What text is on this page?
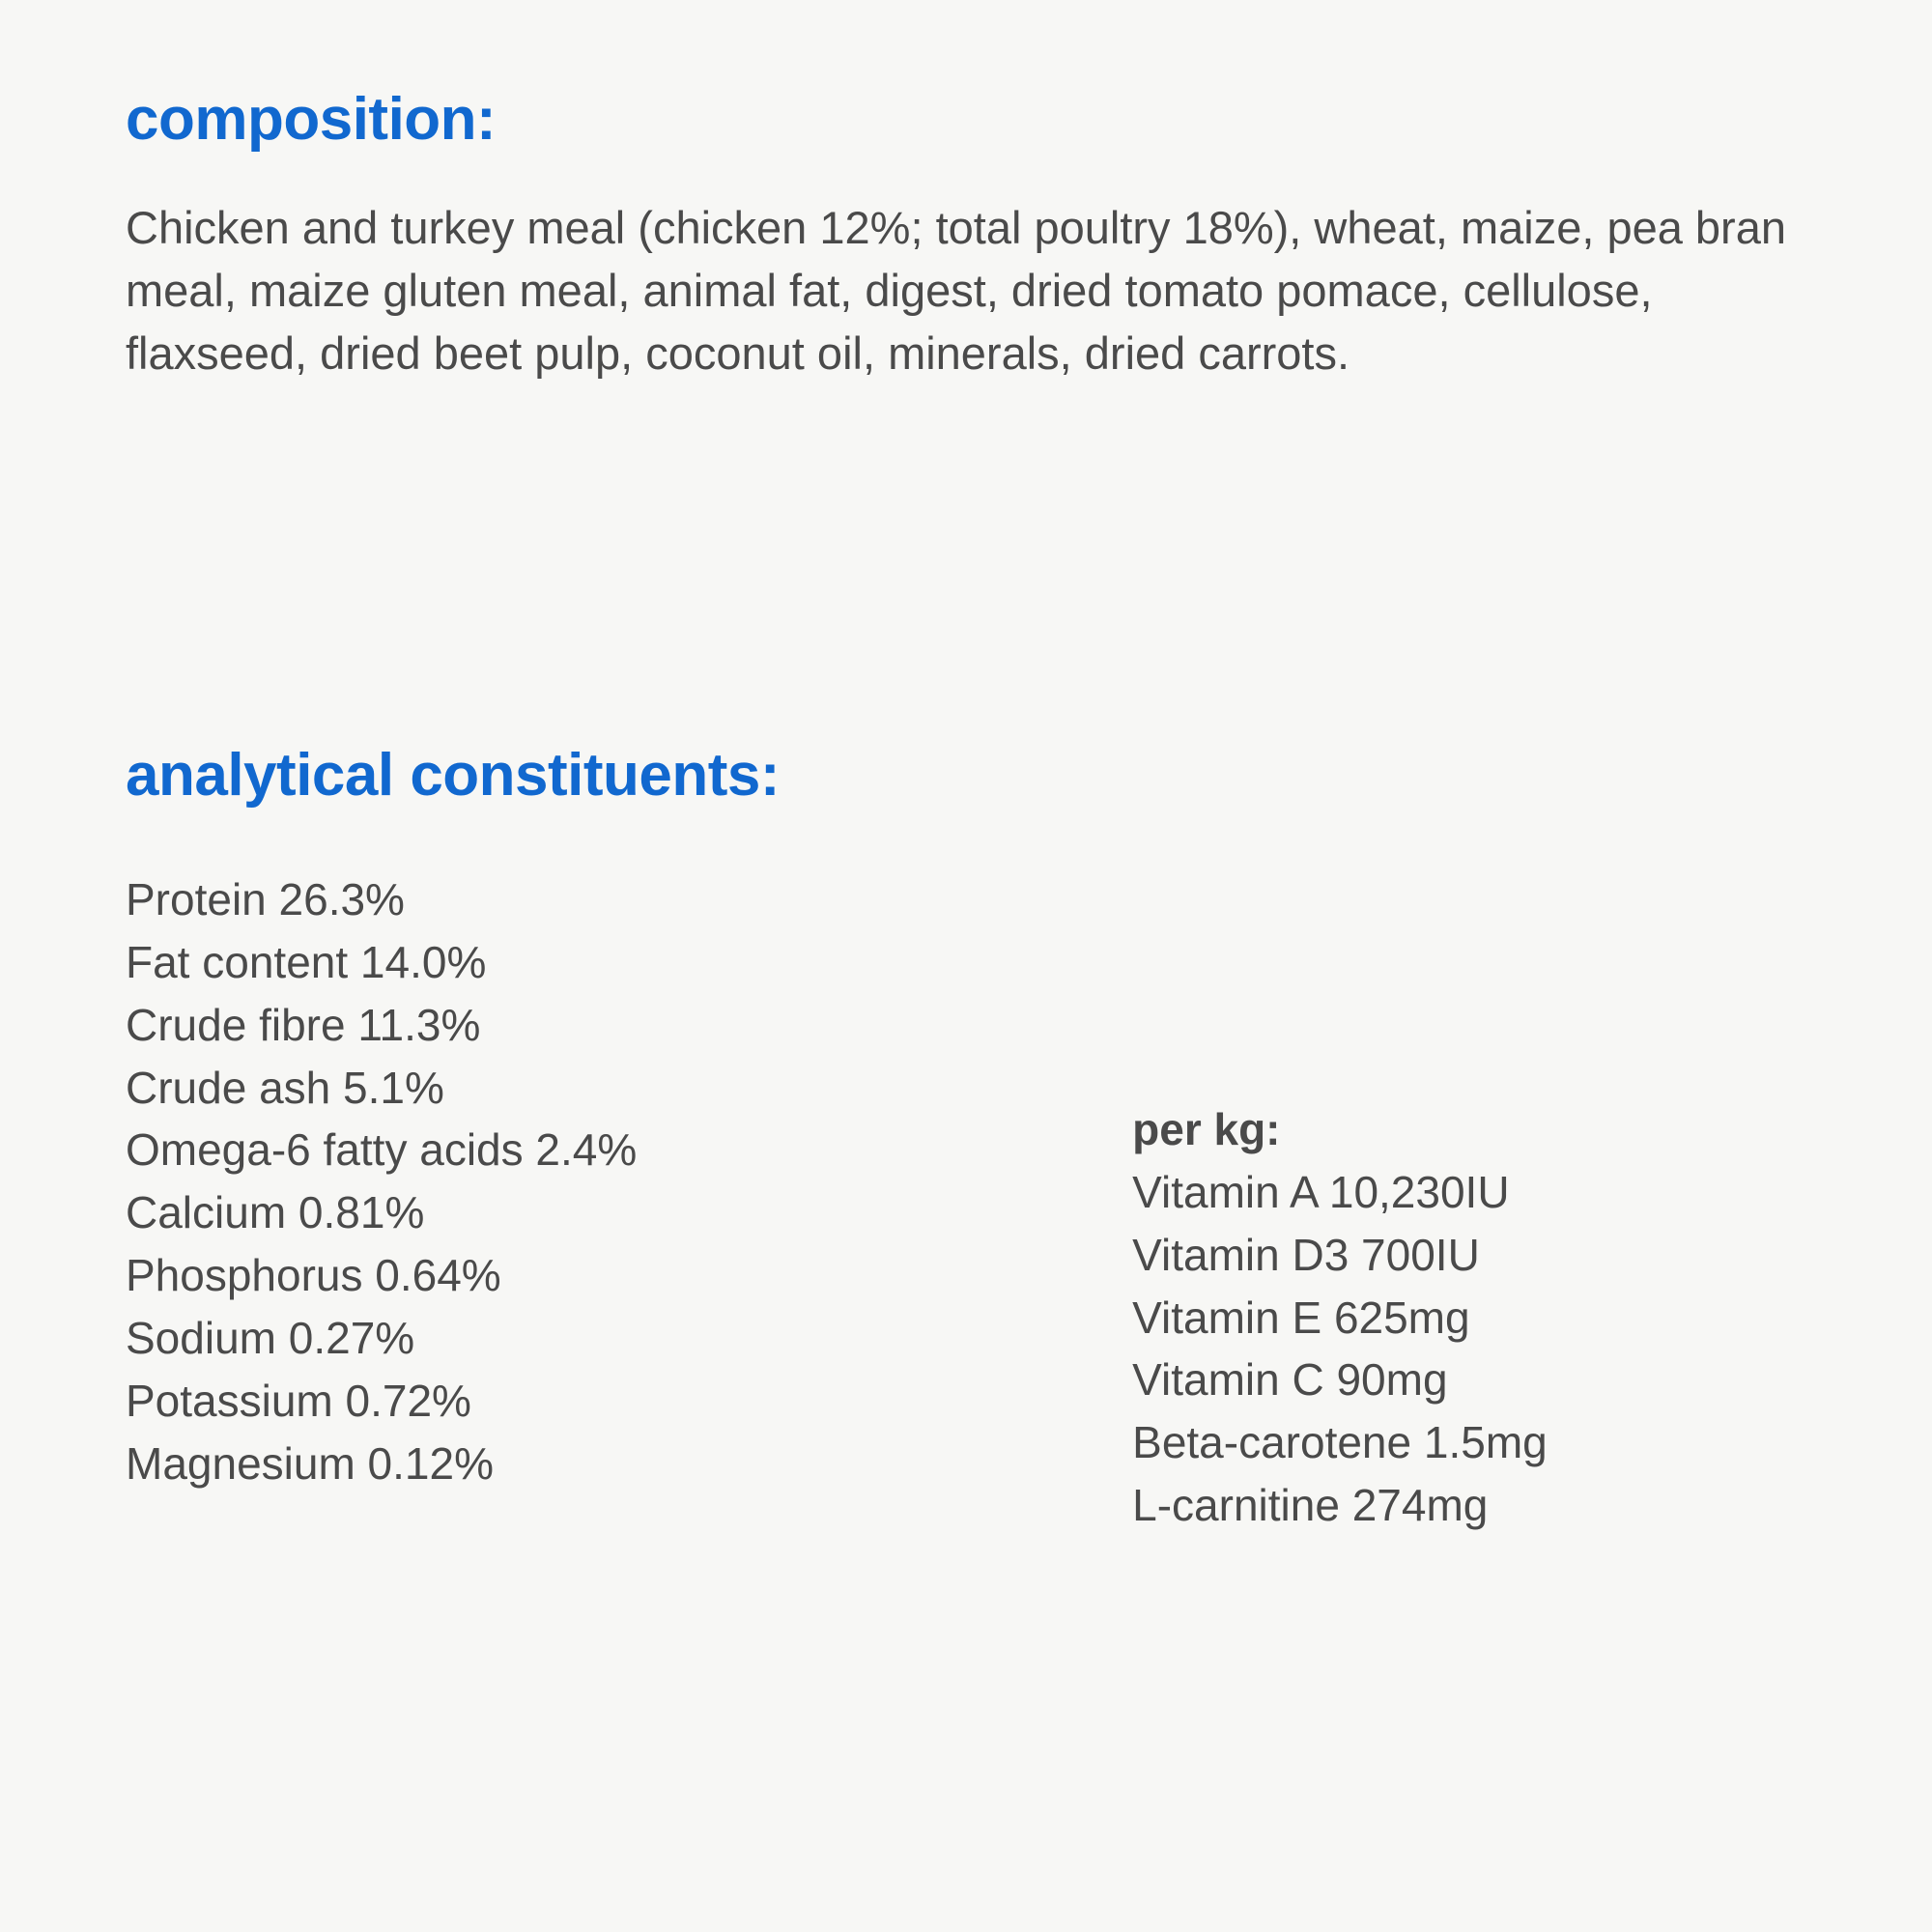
composition:

Chicken and turkey meal (chicken 12%; total poultry 18%), wheat, maize, pea bran meal, maize gluten meal, animal fat, digest, dried tomato pomace, cellulose, flaxseed, dried beet pulp, coconut oil, minerals, dried carrots.

analytical constituents:
Protein 26.3%
Fat content 14.0%
Crude fibre 11.3%
Crude ash 5.1%
Omega-6 fatty acids 2.4%
Calcium 0.81%
Phosphorus 0.64%
Sodium 0.27%
Potassium 0.72%
Magnesium 0.12%
per kg:
Vitamin A 10,230IU
Vitamin D3 700IU
Vitamin E 625mg
Vitamin C 90mg
Beta-carotene 1.5mg
L-carnitine 274mg
